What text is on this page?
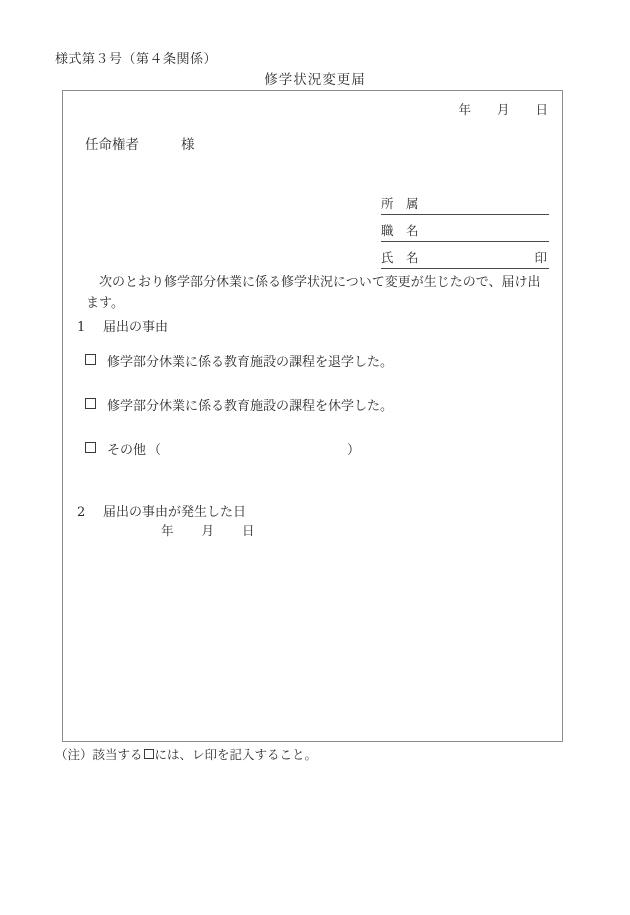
様式第３号（第４条関係）
修学状況変更届
年 月 日
任命権者	様
所　属
職　名
氏　名	印
次のとおり修学部分休業に係る修学状況について変更が生じたので、届け出ます。
1 届出の事由
修学部分休業に係る教育施設の課程を退学した。
修学部分休業に係る教育施設の課程を休学した。
その他 （	）
2 届出の事由が発生した日
年 月 日
（注）該当する には、レ印を記入すること。
